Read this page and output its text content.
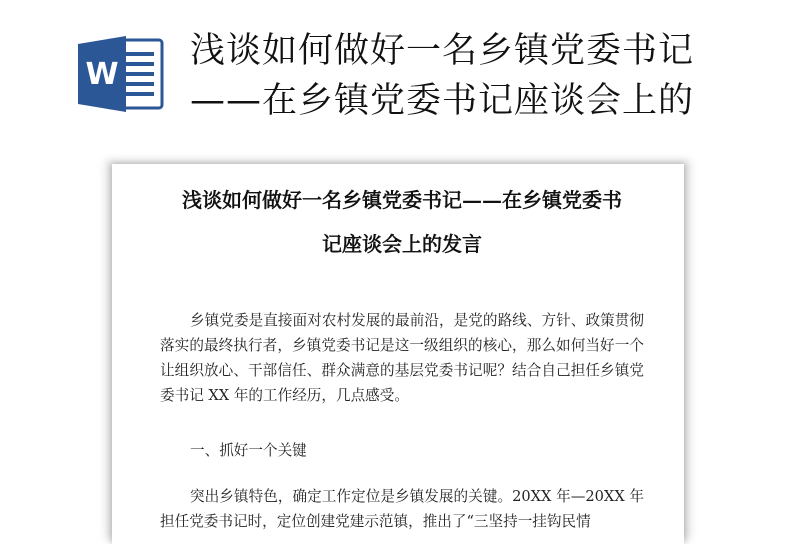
W
浅谈如何做好一名乡镇党委书记
——在乡镇党委书记座谈会上的
浅谈如何做好一名乡镇党委书记——在乡镇党委书
记座谈会上的发言

乡镇党委是直接面对农村发展的最前沿，是党的路线、方针、政策贯彻落实的最终执行者，乡镇党委书记是这一级组织的核心，那么如何当好一个让组织放心、干部信任、群众满意的基层党委书记呢？结合自己担任乡镇党委书记 XX 年的工作经历，几点感受。

一、抓好一个关键

突出乡镇特色，确定工作定位是乡镇发展的关键。20XX 年—20XX 年担任党委书记时，定位创建党建示范镇，推出了“三坚持一挂钩民情
